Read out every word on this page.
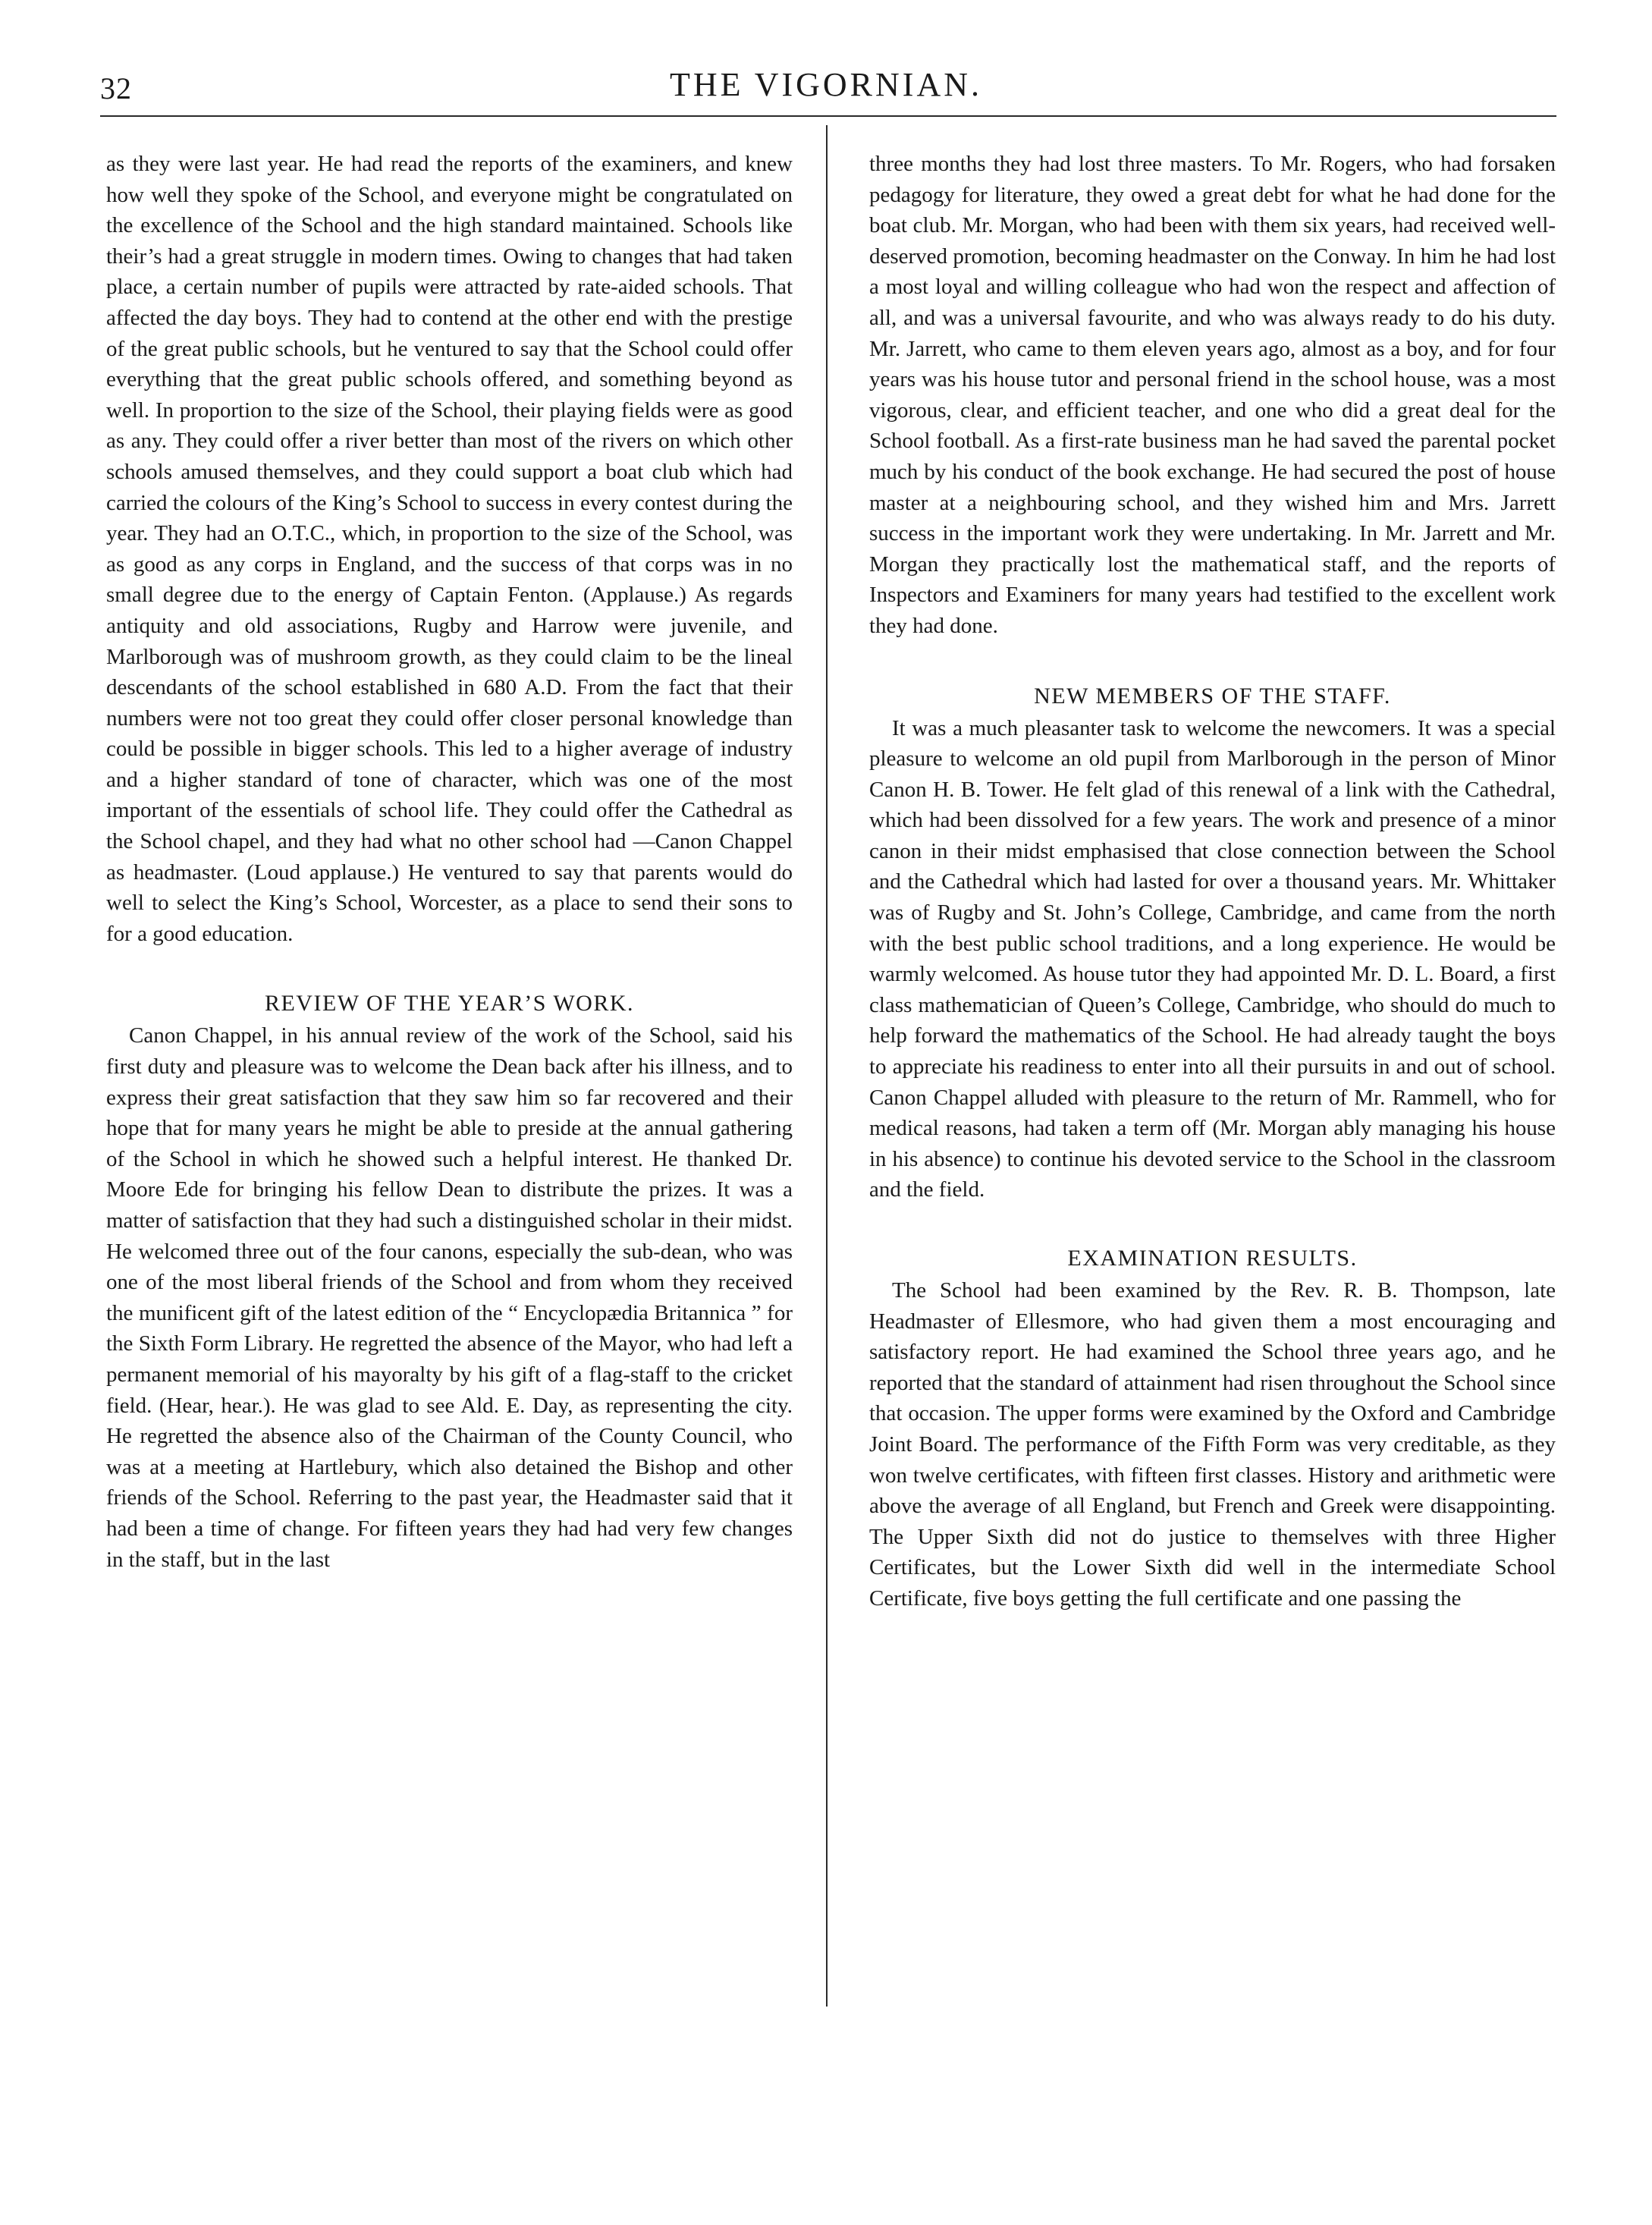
32	THE VIGORNIAN.

as they were last year. He had read the reports of the examiners, and knew how well they spoke of the School, and everyone might be congratulated on the excellence of the School and the high standard maintained. Schools like their’s had a great struggle in modern times. Owing to changes that had taken place, a certain number of pupils were attracted by rate-aided schools. That affected the day boys. They had to contend at the other end with the prestige of the great public schools, but he ventured to say that the School could offer everything that the great public schools offered, and something beyond as well. In proportion to the size of the School, their playing fields were as good as any. They could offer a river better than most of the rivers on which other schools amused themselves, and they could support a boat club which had carried the colours of the King’s School to success in every contest during the year. They had an O.T.C., which, in proportion to the size of the School, was as good as any corps in England, and the success of that corps was in no small degree due to the energy of Captain Fenton. (Applause.) As regards antiquity and old associations, Rugby and Harrow were juvenile, and Marlborough was of mushroom growth, as they could claim to be the lineal descendants of the school established in 680 A.D. From the fact that their numbers were not too great they could offer closer personal knowledge than could be possible in bigger schools. This led to a higher average of industry and a higher standard of tone of character, which was one of the most important of the essentials of school life. They could offer the Cathedral as the School chapel, and they had what no other school had —Canon Chappel as headmaster. (Loud applause.) He ventured to say that parents would do well to select the King’s School, Worcester, as a place to send their sons to for a good education.

REVIEW OF THE YEAR’S WORK.

Canon Chappel, in his annual review of the work of the School, said his first duty and pleasure was to welcome the Dean back after his illness, and to express their great satisfaction that they saw him so far recovered and their hope that for many years he might be able to preside at the annual gathering of the School in which he showed such a helpful interest. He thanked Dr. Moore Ede for bringing his fellow Dean to distribute the prizes. It was a matter of satisfaction that they had such a distinguished scholar in their midst. He welcomed three out of the four canons, especially the sub-dean, who was one of the most liberal friends of the School and from whom they received the munificent gift of the latest edition of the “ Encyclopædia Britannica ” for the Sixth Form Library. He regretted the absence of the Mayor, who had left a permanent memorial of his mayoralty by his gift of a flag-staff to the cricket field. (Hear, hear.). He was glad to see Ald. E. Day, as representing the city. He regretted the absence also of the Chairman of the County Council, who was at a meeting at Hartlebury, which also detained the Bishop and other friends of the School. Referring to the past year, the Headmaster said that it had been a time of change. For fifteen years they had had very few changes in the staff, but in the last

three months they had lost three masters. To Mr. Rogers, who had forsaken pedagogy for literature, they owed a great debt for what he had done for the boat club. Mr. Morgan, who had been with them six years, had received well-deserved promotion, becoming headmaster on the Conway. In him he had lost a most loyal and willing colleague who had won the respect and affection of all, and was a universal favourite, and who was always ready to do his duty. Mr. Jarrett, who came to them eleven years ago, almost as a boy, and for four years was his house tutor and personal friend in the school house, was a most vigorous, clear, and efficient teacher, and one who did a great deal for the School football. As a first-rate business man he had saved the parental pocket much by his conduct of the book exchange. He had secured the post of house master at a neighbouring school, and they wished him and Mrs. Jarrett success in the important work they were undertaking. In Mr. Jarrett and Mr. Morgan they practically lost the mathematical staff, and the reports of Inspectors and Examiners for many years had testified to the excellent work they had done.

NEW MEMBERS OF THE STAFF.

It was a much pleasanter task to welcome the newcomers. It was a special pleasure to welcome an old pupil from Marlborough in the person of Minor Canon H. B. Tower. He felt glad of this renewal of a link with the Cathedral, which had been dissolved for a few years. The work and presence of a minor canon in their midst emphasised that close connection between the School and the Cathedral which had lasted for over a thousand years. Mr. Whittaker was of Rugby and St. John’s College, Cambridge, and came from the north with the best public school traditions, and a long experience. He would be warmly welcomed. As house tutor they had appointed Mr. D. L. Board, a first class mathematician of Queen’s College, Cambridge, who should do much to help forward the mathematics of the School. He had already taught the boys to appreciate his readiness to enter into all their pursuits in and out of school. Canon Chappel alluded with pleasure to the return of Mr. Rammell, who for medical reasons, had taken a term off (Mr. Morgan ably managing his house in his absence) to continue his devoted service to the School in the classroom and the field.

EXAMINATION RESULTS.

The School had been examined by the Rev. R. B. Thompson, late Headmaster of Ellesmore, who had given them a most encouraging and satisfactory report. He had examined the School three years ago, and he reported that the standard of attainment had risen throughout the School since that occasion. The upper forms were examined by the Oxford and Cambridge Joint Board. The performance of the Fifth Form was very creditable, as they won twelve certificates, with fifteen first classes. History and arithmetic were above the average of all England, but French and Greek were disappointing. The Upper Sixth did not do justice to themselves with three Higher Certificates, but the Lower Sixth did well in the intermediate School Certificate, five boys getting the full certificate and one passing the
